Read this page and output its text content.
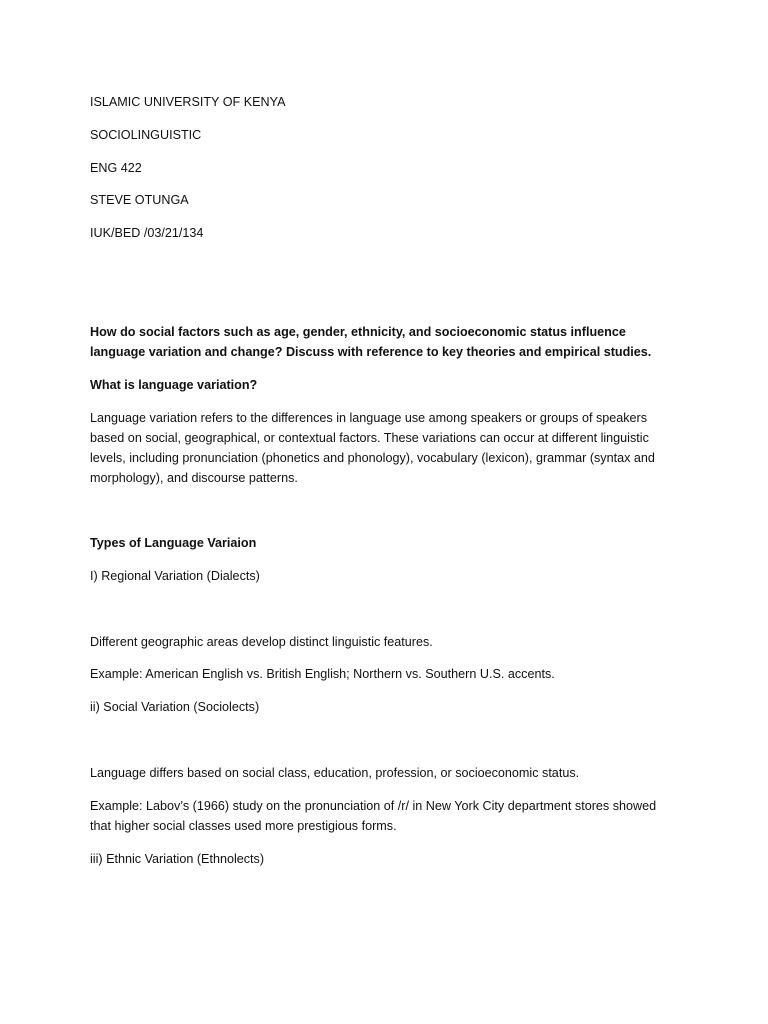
ISLAMIC UNIVERSITY OF KENYA
SOCIOLINGUISTIC
ENG 422
STEVE OTUNGA
IUK/BED /03/21/134
How do social factors such as age, gender, ethnicity, and socioeconomic status influence language variation and change? Discuss with reference to key theories and empirical studies.
What is language variation?
Language variation refers to the differences in language use among speakers or groups of speakers based on social, geographical, or contextual factors. These variations can occur at different linguistic levels, including pronunciation (phonetics and phonology), vocabulary (lexicon), grammar (syntax and morphology), and discourse patterns.
Types of Language Variaion
I) Regional Variation (Dialects)
Different geographic areas develop distinct linguistic features.
Example: American English vs. British English; Northern vs. Southern U.S. accents.
ii) Social Variation (Sociolects)
Language differs based on social class, education, profession, or socioeconomic status.
Example: Labov’s (1966) study on the pronunciation of /r/ in New York City department stores showed that higher social classes used more prestigious forms.
iii) Ethnic Variation (Ethnolects)
